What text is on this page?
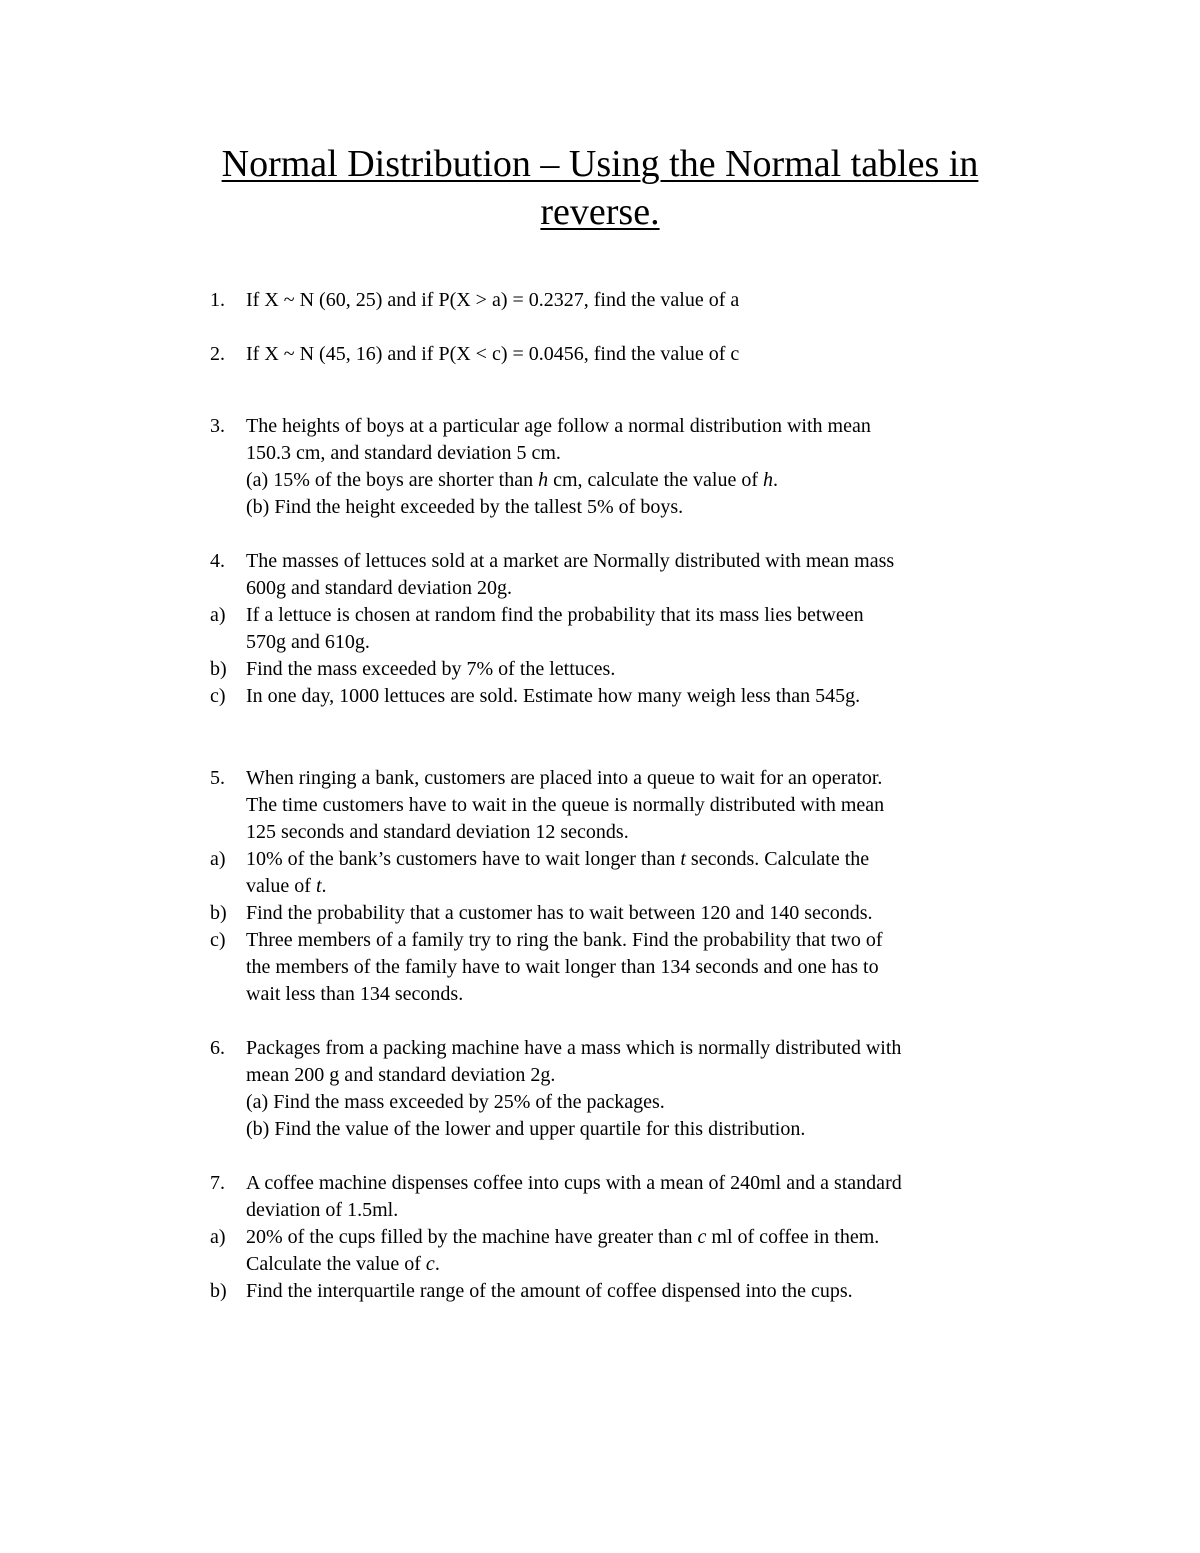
Normal Distribution – Using the Normal tables in
reverse.
1.	If X ~ N (60, 25) and if P(X > a) = 0.2327, find the value of a
2.	If X ~ N (45, 16) and if P(X < c) = 0.0456, find the value of c
3.	The heights of boys at a particular age follow a normal distribution with mean
150.3 cm, and standard deviation 5 cm.
(a) 15% of the boys are shorter than h cm, calculate the value of h.
(b) Find the height exceeded by the tallest 5% of boys.
4.	The masses of lettuces sold at a market are Normally distributed with mean mass
600g and standard deviation 20g.
a)	If a lettuce is chosen at random find the probability that its mass lies between
570g and 610g.
b) Find the mass exceeded by 7% of the lettuces.
c)	In one day, 1000 lettuces are sold. Estimate how many weigh less than 545g.
5.	When ringing a bank, customers are placed into a queue to wait for an operator.
The time customers have to wait in the queue is normally distributed with mean
125 seconds and standard deviation 12 seconds.
a)	10% of the bank’s customers have to wait longer than t seconds. Calculate the
value of t.
b) Find the probability that a customer has to wait between 120 and 140 seconds.
c)	Three members of a family try to ring the bank. Find the probability that two of
the members of the family have to wait longer than 134 seconds and one has to
wait less than 134 seconds.
6.	Packages from a packing machine have a mass which is normally distributed with
mean 200 g and standard deviation 2g.
(a) Find the mass exceeded by 25% of the packages.
(b) Find the value of the lower and upper quartile for this distribution.
7.	A coffee machine dispenses coffee into cups with a mean of 240ml and a standard
deviation of 1.5ml.
a)	20% of the cups filled by the machine have greater than c ml of coffee in them.
Calculate the value of c.
b) Find the interquartile range of the amount of coffee dispensed into the cups.
